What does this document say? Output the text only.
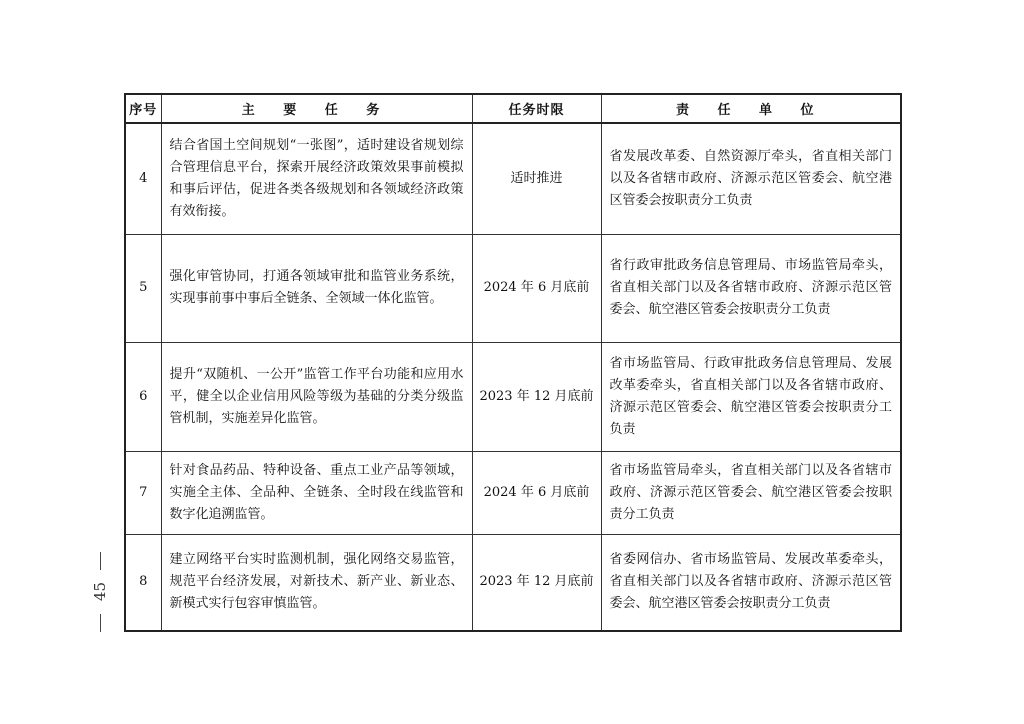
序号	主 要 任 务	任务时限	责 任 单 位
4	结合省国土空间规划“一张图”，适时建设省规划综合管理信息平台，探索开展经济政策效果事前模拟和事后评估，促进各类各级规划和各领域经济政策有效衔接。	适时推进	省发展改革委、自然资源厅牵头，省直相关部门以及各省辖市政府、济源示范区管委会、航空港区管委会按职责分工负责
5	强化审管协同，打通各领域审批和监管业务系统，实现事前事中事后全链条、全领域一体化监管。	2024 年 6 月底前	省行政审批政务信息管理局、市场监管局牵头，省直相关部门以及各省辖市政府、济源示范区管委会、航空港区管委会按职责分工负责
6	提升“双随机、一公开”监管工作平台功能和应用水平，健全以企业信用风险等级为基础的分类分级监管机制，实施差异化监管。	2023 年 12 月底前	省市场监管局、行政审批政务信息管理局、发展改革委牵头，省直相关部门以及各省辖市政府、济源示范区管委会、航空港区管委会按职责分工负责
7	针对食品药品、特种设备、重点工业产品等领域，实施全主体、全品种、全链条、全时段在线监管和数字化追溯监管。	2024 年 6 月底前	省市场监管局牵头，省直相关部门以及各省辖市政府、济源示范区管委会、航空港区管委会按职责分工负责
8	建立网络平台实时监测机制，强化网络交易监管，规范平台经济发展，对新技术、新产业、新业态、新模式实行包容审慎监管。	2023 年 12 月底前	省委网信办、省市场监管局、发展改革委牵头，省直相关部门以及各省辖市政府、济源示范区管委会、航空港区管委会按职责分工负责
45
